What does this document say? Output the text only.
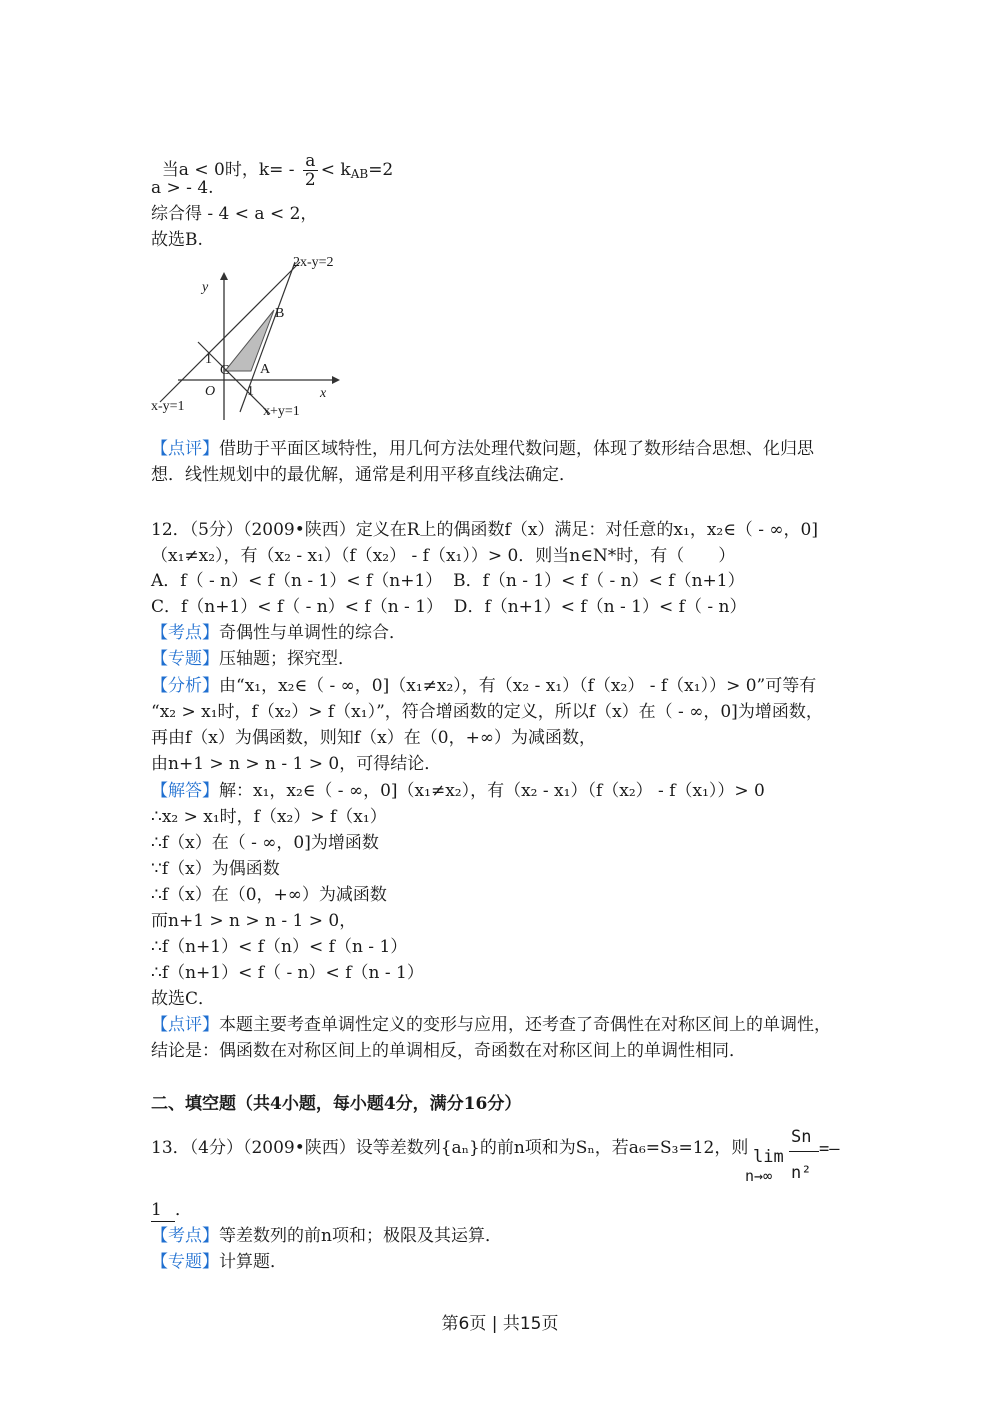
当a < 0时，$k= - \frac{a}{2} < k_{AB}=2$

a > - 4.
综合得 - 4 < a < 2，
故选B.
2x-y=2
y
B
1
C A
O 1	x
x-y=1	x+y=1
【点评】借助于平面区域特性，用几何方法处理代数问题，体现了数形结合思想、化归思
想．线性规划中的最优解，通常是利用平移直线法确定．
12．（5分）（2009•陕西）定义在R上的偶函数f（x）满足：对任意的x₁，x₂∈（ - ∞，0]
（x₁≠x₂），有（x₂ - x₁）（f（x₂） - f（x₁））> 0．则当n∈N*时，有（　　）
A．f（ - n）< f（n - 1）< f（n+1）  B．f（n - 1）< f（ - n）< f（n+1）
C．f（n+1）< f（ - n）< f（n - 1）  D．f（n+1）< f（n - 1）< f（ - n）
【考点】奇偶性与单调性的综合．
【专题】压轴题；探究型．
【分析】由“x₁，x₂∈（ - ∞，0]（x₁≠x₂），有（x₂ - x₁）（f（x₂） - f（x₁））> 0”可等有
“x₂ > x₁时，f（x₂）> f（x₁）”，符合增函数的定义，所以f（x）在（ - ∞，0]为增函数，
再由f（x）为偶函数，则知f（x）在（0，+∞）为减函数，
由n+1 > n > n - 1 > 0，可得结论．
【解答】解：x₁，x₂∈（ - ∞，0]（x₁≠x₂），有（x₂ - x₁）（f（x₂） - f（x₁））> 0
∴x₂ > x₁时，f（x₂）> f（x₁）
∴f（x）在（ - ∞，0]为增函数
∵f（x）为偶函数
∴f（x）在（0，+∞）为减函数
而n+1 > n > n - 1 > 0，
∴f（n+1）< f（n）< f（n - 1）
∴f（n+1）< f（ - n）< f（n - 1）
故选C．
【点评】本题主要考查单调性定义的变形与应用，还考查了奇偶性在对称区间上的单调性，
结论是：偶函数在对称区间上的单调相反，奇函数在对称区间上的单调性相同．
二、填空题（共4小题，每小题4分，满分16分）
13．（4分）（2009•陕西）设等差数列{aₙ}的前n项和为Sₙ，若a₆=S₃=12，则 lim
n→∞
Sn
n²
=—
1 ．
【考点】等差数列的前n项和；极限及其运算．
【专题】计算题．
第6页 | 共15页
